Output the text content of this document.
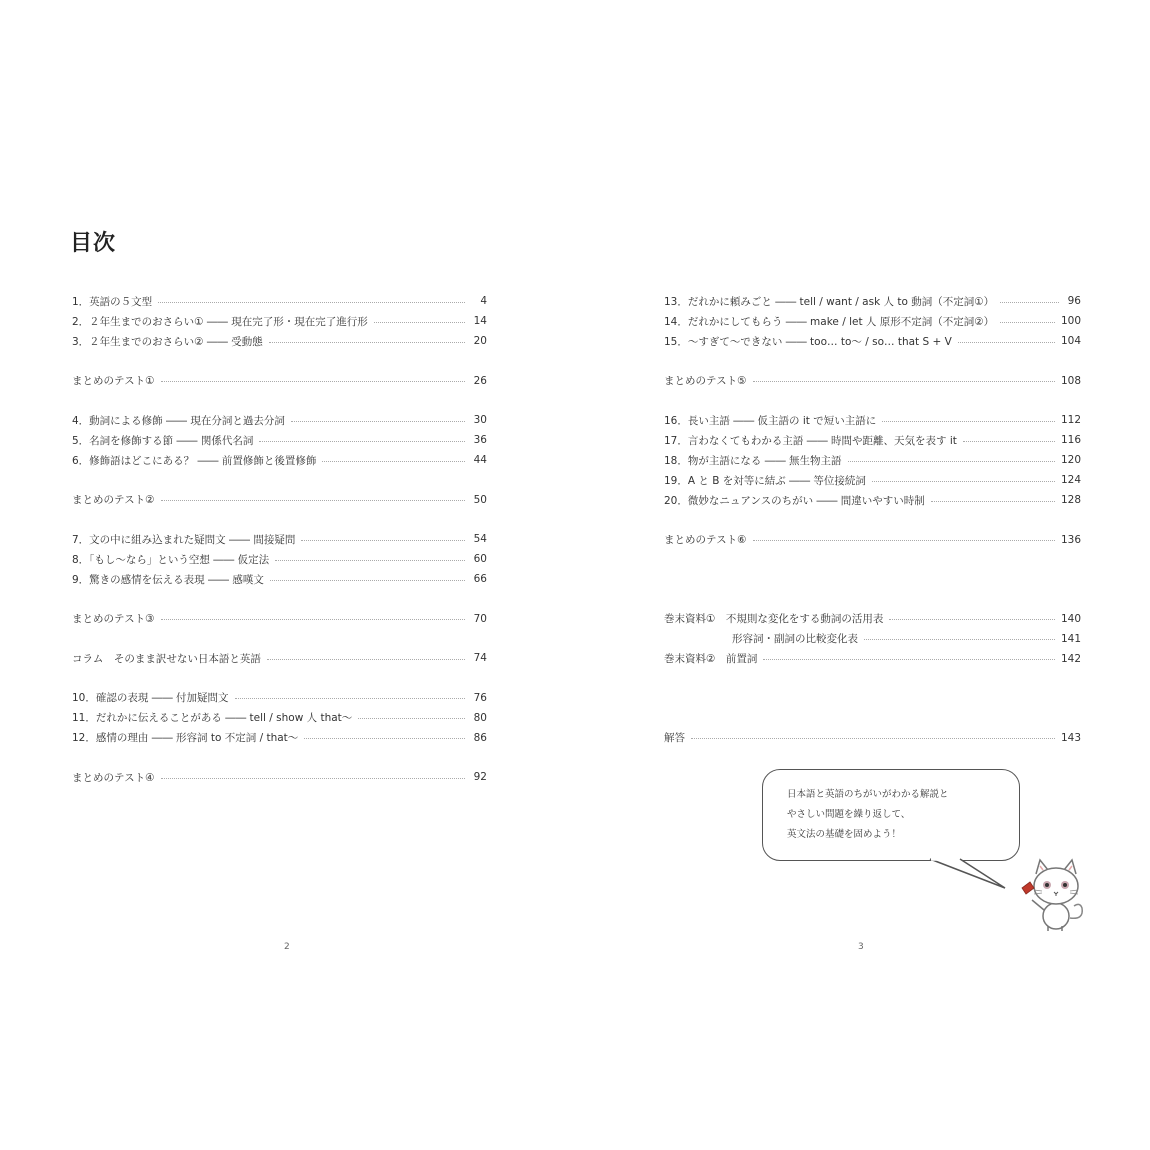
目次
1．英語の５文型	4
2．２年生までのおさらい① ―― 現在完了形・現在完了進行形	14
3．２年生までのおさらい② ―― 受動態	20
まとめのテスト①	26
4．動詞による修飾 ―― 現在分詞と過去分詞	30
5．名詞を修飾する節 ―― 関係代名詞	36
6．修飾語はどこにある？ ―― 前置修飾と後置修飾	44
まとめのテスト②	50
7．文の中に組み込まれた疑問文 ―― 間接疑問	54
8．「もし～なら」という空想 ―― 仮定法	60
9．驚きの感情を伝える表現 ―― 感嘆文	66
まとめのテスト③	70
コラム　そのまま訳せない日本語と英語	74
10．確認の表現 ―― 付加疑問文	76
11．だれかに伝えることがある ―― tell / show 人 that～	80
12．感情の理由 ―― 形容詞 to 不定詞 / that～	86
まとめのテスト④	92
13．だれかに頼みごと ―― tell / want / ask 人 to 動詞（不定詞①）	96
14．だれかにしてもらう ―― make / let 人 原形不定詞（不定詞②）	100
15．～すぎて～できない ―― too… to～ / so… that S + V	104
まとめのテスト⑤	108
16．長い主語 ―― 仮主語の it で短い主語に	112
17．言わなくてもわかる主語 ―― 時間や距離、天気を表す it	116
18．物が主語になる ―― 無生物主語	120
19．A と B を対等に結ぶ ―― 等位接続詞	124
20．微妙なニュアンスのちがい ―― 間違いやすい時制	128
まとめのテスト⑥	136
巻末資料①　不規則な変化をする動詞の活用表	140
形容詞・副詞の比較変化表	141
巻末資料②　前置詞	142
解答	143
2	3
日本語と英語のちがいがわかる解説と
やさしい問題を繰り返して、
英文法の基礎を固めよう！
